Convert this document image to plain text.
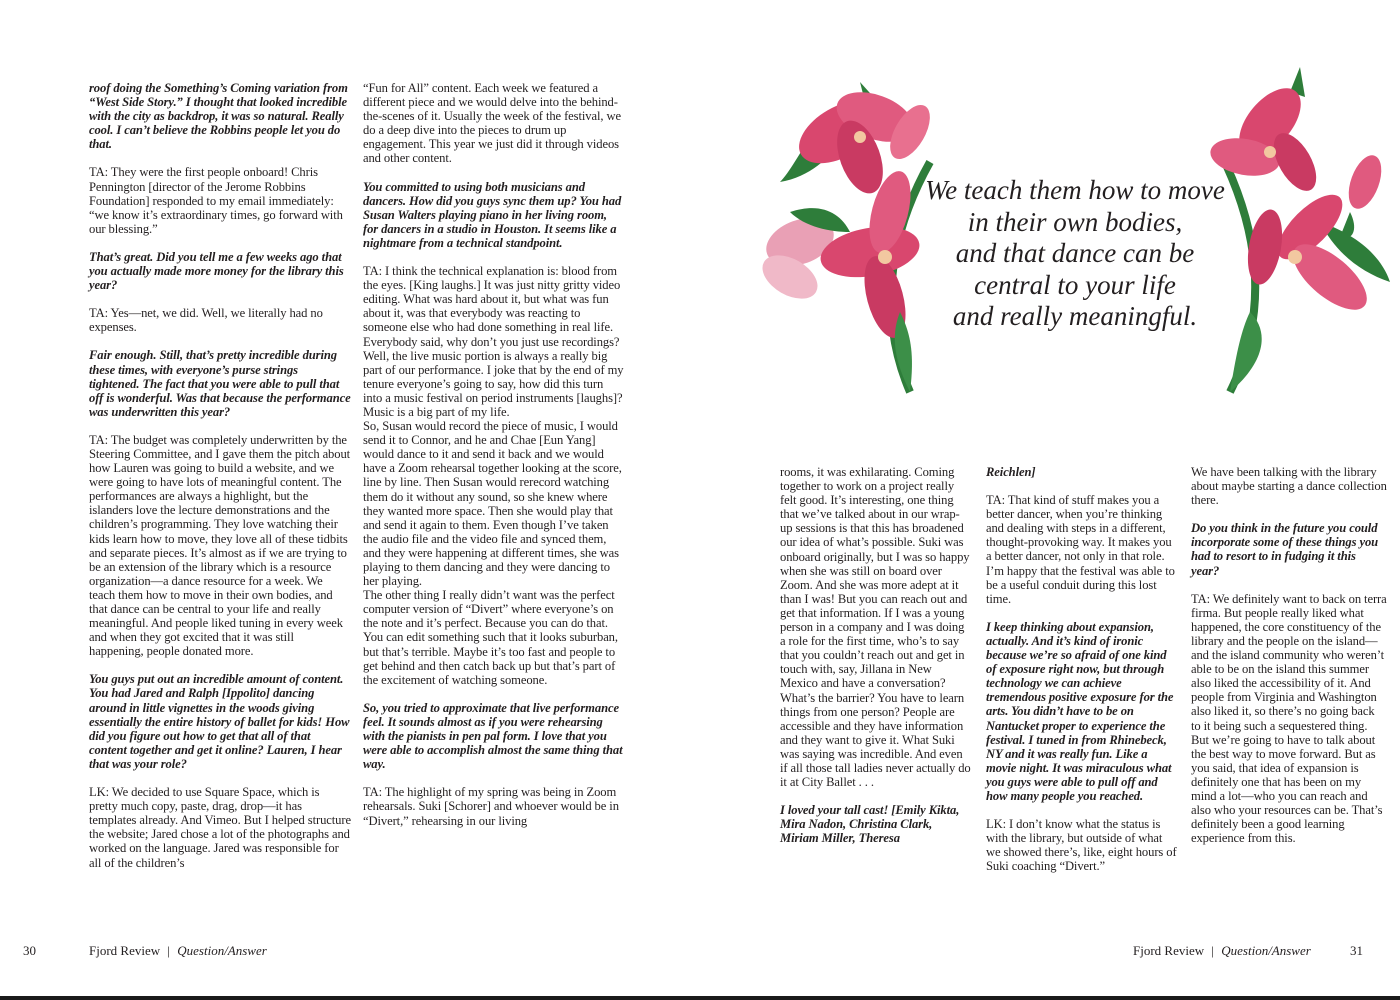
roof doing the Something’s Coming variation from “West Side Story.” I thought that looked incredible with the city as backdrop, it was so natural. Really cool. I can’t believe the Robbins people let you do that.

TA: They were the first people onboard! Chris Pennington [director of the Jerome Robbins Foundation] responded to my email immediately: “we know it’s extraordinary times, go forward with our blessing.”

That’s great. Did you tell me a few weeks ago that you actually made more money for the library this year?

TA: Yes—net, we did. Well, we literally had no expenses.

Fair enough. Still, that’s pretty incredible during these times, with everyone’s purse strings tightened. The fact that you were able to pull that off is wonderful. Was that because the performance was underwritten this year?

TA: The budget was completely underwritten by the Steering Committee, and I gave them the pitch about how Lauren was going to build a website, and we were going to have lots of meaningful content. The performances are always a highlight, but the islanders love the lecture demonstrations and the children’s programming. They love watching their kids learn how to move, they love all of these tidbits and separate pieces. It’s almost as if we are trying to be an extension of the library which is a resource organization—a dance resource for a week. We teach them how to move in their own bodies, and that dance can be central to your life and really meaningful. And people liked tuning in every week and when they got excited that it was still happening, people donated more.

You guys put out an incredible amount of content. You had Jared and Ralph [Ippolito] dancing around in little vignettes in the woods giving essentially the entire history of ballet for kids! How did you figure out how to get that all of that content together and get it online? Lauren, I hear that was your role?

LK: We decided to use Square Space, which is pretty much copy, paste, drag, drop—it has templates already. And Vimeo. But I helped structure the website; Jared chose a lot of the photographs and worked on the language. Jared was responsible for all of the children’s

“Fun for All” content. Each week we featured a different piece and we would delve into the behind-the-scenes of it. Usually the week of the festival, we do a deep dive into the pieces to drum up engagement. This year we just did it through videos and other content.

You committed to using both musicians and dancers. How did you guys sync them up? You had Susan Walters playing piano in her living room, for dancers in a studio in Houston. It seems like a nightmare from a technical standpoint.

TA: I think the technical explanation is: blood from the eyes. [King laughs.] It was just nitty gritty video editing. What was hard about it, but what was fun about it, was that everybody was reacting to someone else who had done something in real life. Everybody said, why don’t you just use recordings? Well, the live music portion is always a really big part of our performance. I joke that by the end of my tenure everyone’s going to say, how did this turn into a music festival on period instruments [laughs]? Music is a big part of my life.

So, Susan would record the piece of music, I would send it to Connor, and he and Chae [Eun Yang] would dance to it and send it back and we would have a Zoom rehearsal together looking at the score, line by line. Then Susan would rerecord watching them do it without any sound, so she knew where they wanted more space. Then she would play that and send it again to them. Even though I’ve taken the audio file and the video file and synced them, and they were happening at different times, she was playing to them dancing and they were dancing to her playing.

The other thing I really didn’t want was the perfect computer version of “Divert” where everyone’s on the note and it’s perfect. Because you can do that. You can edit something such that it looks suburban, but that’s terrible. Maybe it’s too fast and people to get behind and then catch back up but that’s part of the excitement of watching someone.

So, you tried to approximate that live performance feel. It sounds almost as if you were rehearsing with the pianists in pen pal form. I love that you were able to accomplish almost the same thing that way.

TA: The highlight of my spring was being in Zoom rehearsals. Suki [Schorer] and whoever would be in “Divert,” rehearsing in our living

30	Fjord Review | Question/Answer
We teach them how to move
in their own bodies,
and that dance can be
central to your life
and really meaningful.

rooms, it was exhilarating. Coming together to work on a project really felt good. It’s interesting, one thing that we’ve talked about in our wrap-up sessions is that this has broadened our idea of what’s possible. Suki was onboard originally, but I was so happy when she was still on board over Zoom. And she was more adept at it than I was! But you can reach out and get that information. If I was a young person in a company and I was doing a role for the first time, who’s to say that you couldn’t reach out and get in touch with, say, Jillana in New Mexico and have a conversation? What’s the barrier? You have to learn things from one person? People are accessible and they have information and they want to give it. What Suki was saying was incredible. And even if all those tall ladies never actually do it at City Ballet . . .

I loved your tall cast! [Emily Kikta, Mira Nadon, Christina Clark, Miriam Miller, Theresa

Reichlen]

TA: That kind of stuff makes you a better dancer, when you’re thinking and dealing with steps in a different, thought-provoking way. It makes you a better dancer, not only in that role. I’m happy that the festival was able to be a useful conduit during this lost time.

I keep thinking about expansion, actually. And it’s kind of ironic because we’re so afraid of one kind of exposure right now, but through technology we can achieve tremendous positive exposure for the arts. You didn’t have to be on Nantucket proper to experience the festival. I tuned in from Rhinebeck, NY and it was really fun. Like a movie night. It was miraculous what you guys were able to pull off and how many people you reached.

LK: I don’t know what the status is with the library, but outside of what we showed there’s, like, eight hours of Suki coaching “Divert.”

We have been talking with the library about maybe starting a dance collection there.

Do you think in the future you could incorporate some of these things you had to resort to in fudging it this year?

TA: We definitely want to back on terra firma. But people really liked what happened, the core constituency of the library and the people on the island—and the island community who weren’t able to be on the island this summer also liked the accessibility of it. And people from Virginia and Washington also liked it, so there’s no going back to it being such a sequestered thing. But we’re going to have to talk about the best way to move forward. But as you said, that idea of expansion is definitely one that has been on my mind a lot—who you can reach and also who your resources can be. That’s definitely been a good learning experience from this.

Fjord Review | Question/Answer	31
